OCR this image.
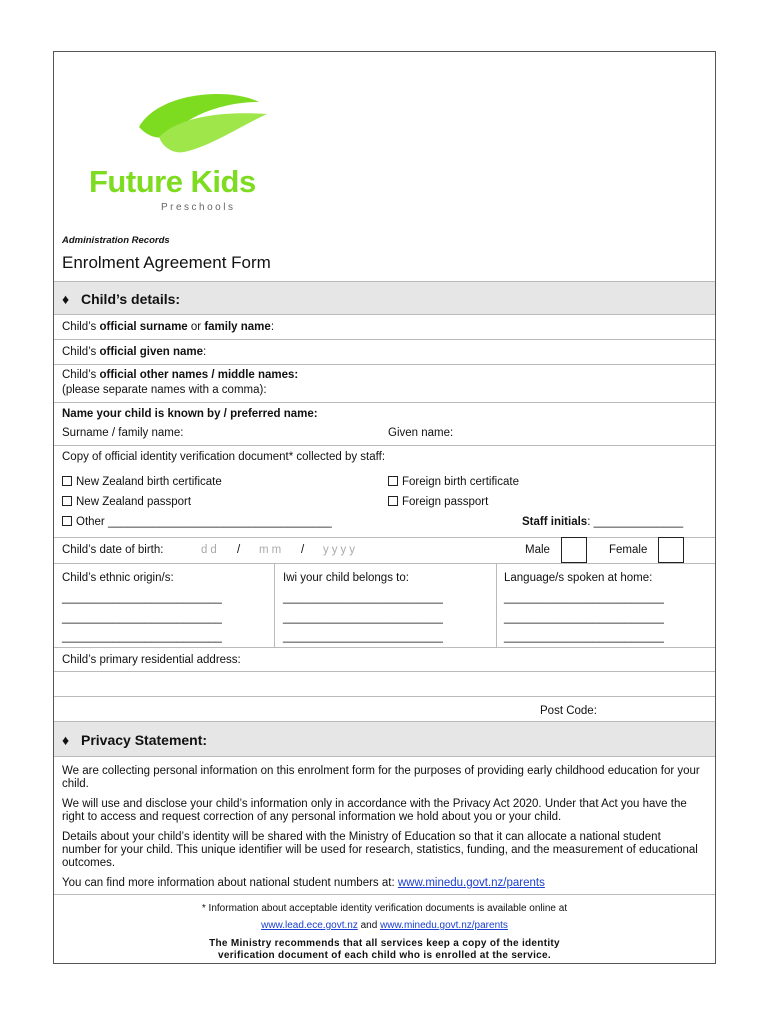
Future Kids
Preschools
Administration Records
Enrolment Agreement Form
♦ Child’s details:
Child’s official surname or family name:
Child’s official given name:
Child’s official other names / middle names:
(please separate names with a comma):
Name your child is known by / preferred name:
Surname / family name:	Given name:
Copy of official identity verification document* collected by staff:
New Zealand birth certificate	Foreign birth certificate
New Zealand passport	Foreign passport
Other ___________________________________	Staff initials: ______________
Child’s date of birth:	dd / mm / yyyy	Male	Female
Child’s ethnic origin/s:
_________________________
_________________________
_________________________
Iwi your child belongs to:
_________________________
_________________________
_________________________
Language/s spoken at home:
_________________________
_________________________
_________________________
Child’s primary residential address:
Post Code:
♦ Privacy Statement:
We are collecting personal information on this enrolment form for the purposes of providing early childhood education for your child.
We will use and disclose your child’s information only in accordance with the Privacy Act 2020. Under that Act you have the right to access and request correction of any personal information we hold about you or your child.
Details about your child’s identity will be shared with the Ministry of Education so that it can allocate a national student number for your child. This unique identifier will be used for research, statistics, funding, and the measurement of educational outcomes.
You can find more information about national student numbers at: www.minedu.govt.nz/parents
* Information about acceptable identity verification documents is available online at
www.lead.ece.govt.nz and www.minedu.govt.nz/parents
The Ministry recommends that all services keep a copy of the identity
verification document of each child who is enrolled at the service.
